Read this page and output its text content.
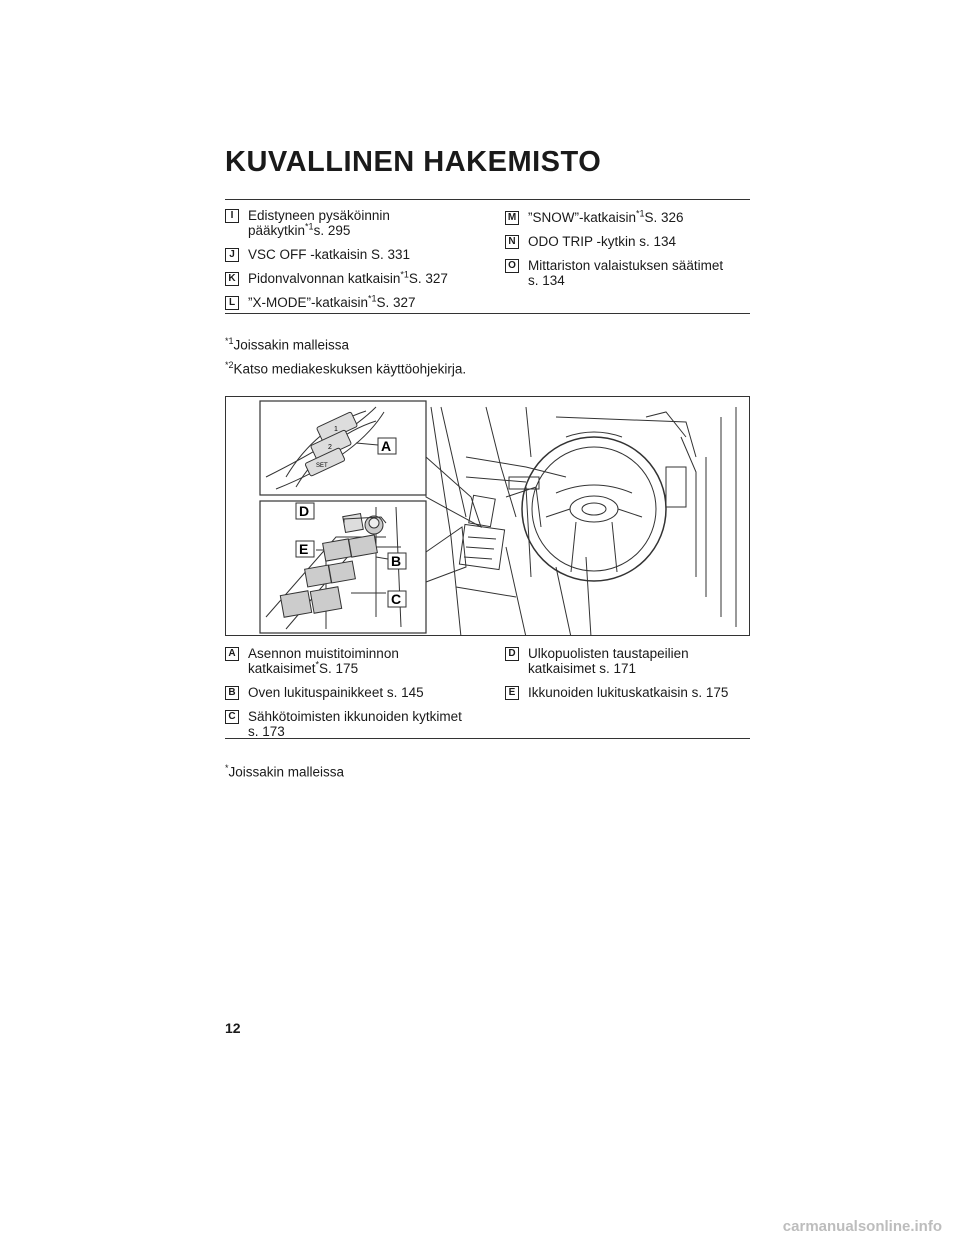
KUVALLINEN HAKEMISTO
I	Edistyneen pysäköinnin
pääkytkin$^{*1}$s. 295
J VSC OFF -katkaisin S. 331
K Pidonvalvonnan katkaisin$^{*1}$S. 327
L ”X-MODE”-katkaisin$^{*1}$S. 327
M ”SNOW”-katkaisin$^{*1}$S. 326
N ODO TRIP -kytkin s. 134
O Mittariston valaistuksen säätimet
s. 134
$^{*1}$Joissakin malleissa
$^{*2}$Katso mediakeskuksen käyttöohjekirja.
1
2
SET
A
D
E
B
C
A Asennon muistitoiminnon
katkaisimet*S. 175
B Oven lukituspainikkeet s. 145
C Sähkötoimisten ikkunoiden kytkimet
s. 173
D Ulkopuolisten taustapeilien
katkaisimet s. 171
E Ikkunoiden lukituskatkaisin s. 175
*Joissakin malleissa
12
carmanualsonline.info
